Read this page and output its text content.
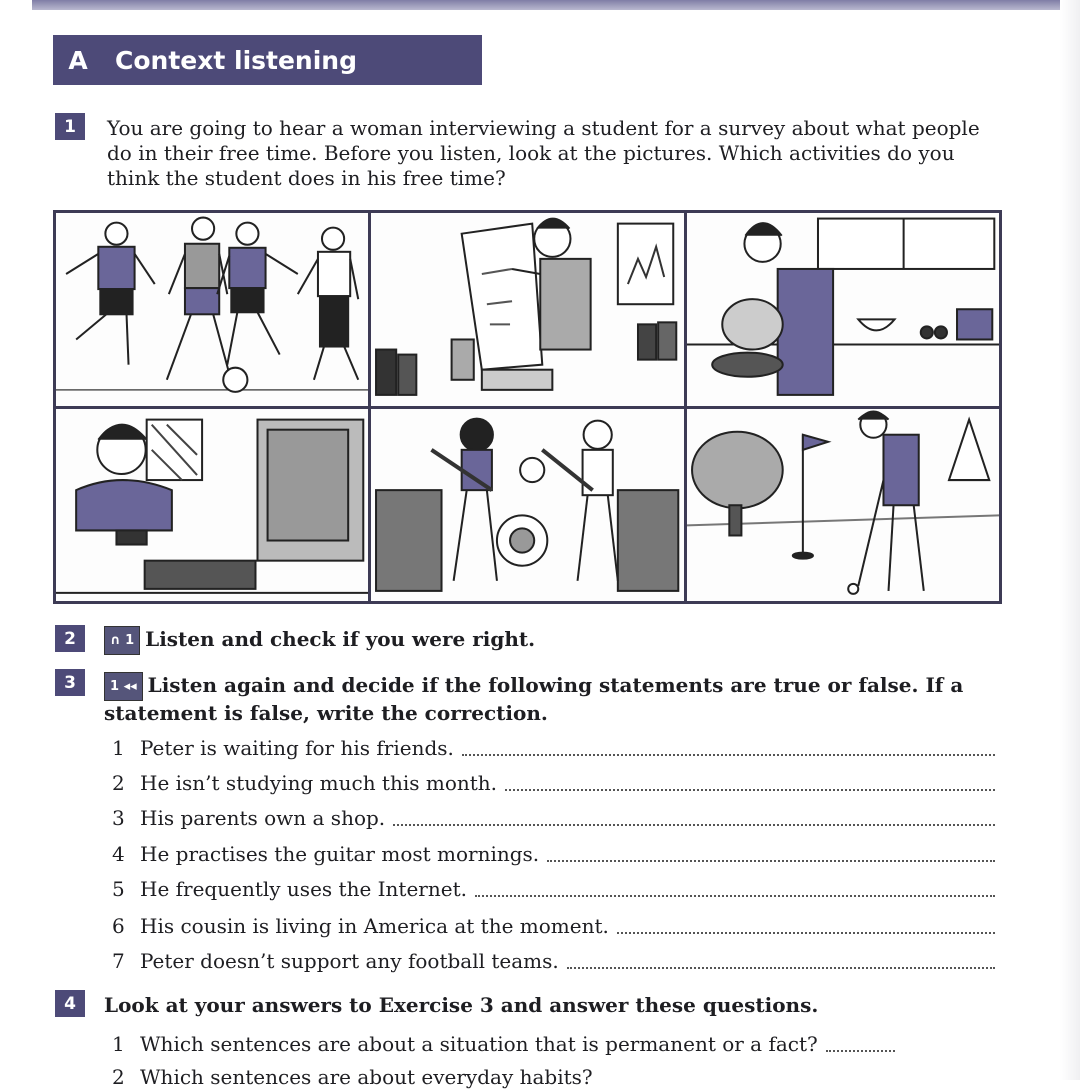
A	Context listening
1	You are going to hear a woman interviewing a student for a survey about what people
do in their free time. Before you listen, look at the pictures. Which activities do you
think the student does in his free time?
2	∩ 1 Listen and check if you were right.
3	1 ◂◂ Listen again and decide if the following statements are true or false. If a
statement is false, write the correction.
1 Peter is waiting for his friends.
2 He isn’t studying much this month.
3 His parents own a shop.
4 He practises the guitar most mornings.
5 He frequently uses the Internet.
6 His cousin is living in America at the moment.
7 Peter doesn’t support any football teams.
4	Look at your answers to Exercise 3 and answer these questions.
1 Which sentences are about a situation that is permanent or a fact?
2 Which sentences are about everyday habits?
